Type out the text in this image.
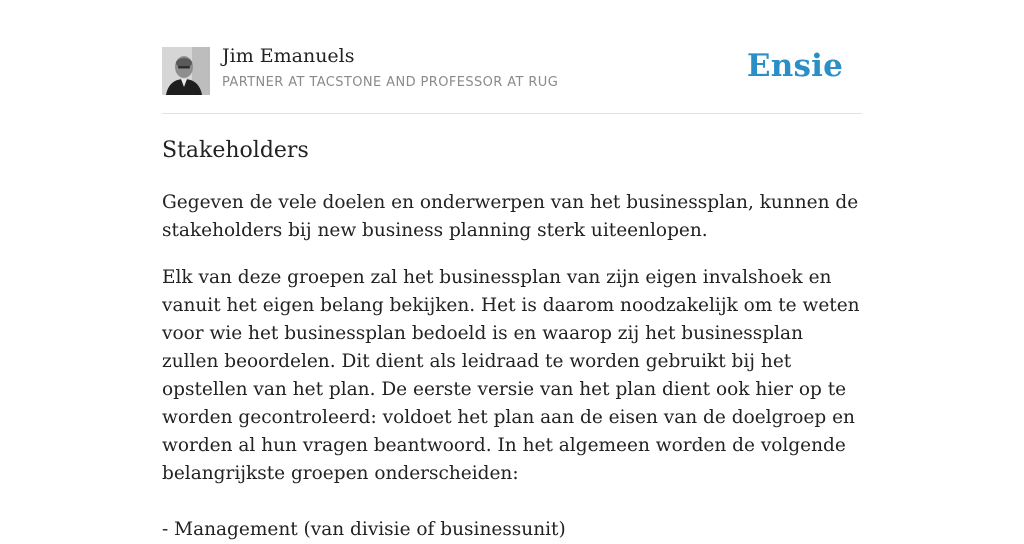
Jim Emanuels
PARTNER AT TACSTONE AND PROFESSOR AT RUG	Ensie
Stakeholders

Gegeven de vele doelen en onderwerpen van het businessplan, kunnen de stakeholders bij new business planning sterk uiteenlopen.

Elk van deze groepen zal het businessplan van zijn eigen invalshoek en vanuit het eigen belang bekijken. Het is daarom noodzakelijk om te weten voor wie het businessplan bedoeld is en waarop zij het businessplan zullen beoordelen. Dit dient als leidraad te worden gebruikt bij het opstellen van het plan. De eerste versie van het plan dient ook hier op te worden gecontroleerd: voldoet het plan aan de eisen van de doelgroep en worden al hun vragen beantwoord. In het algemeen worden de volgende belangrijkste groepen onderscheiden:

- Management (van divisie of businessunit)
